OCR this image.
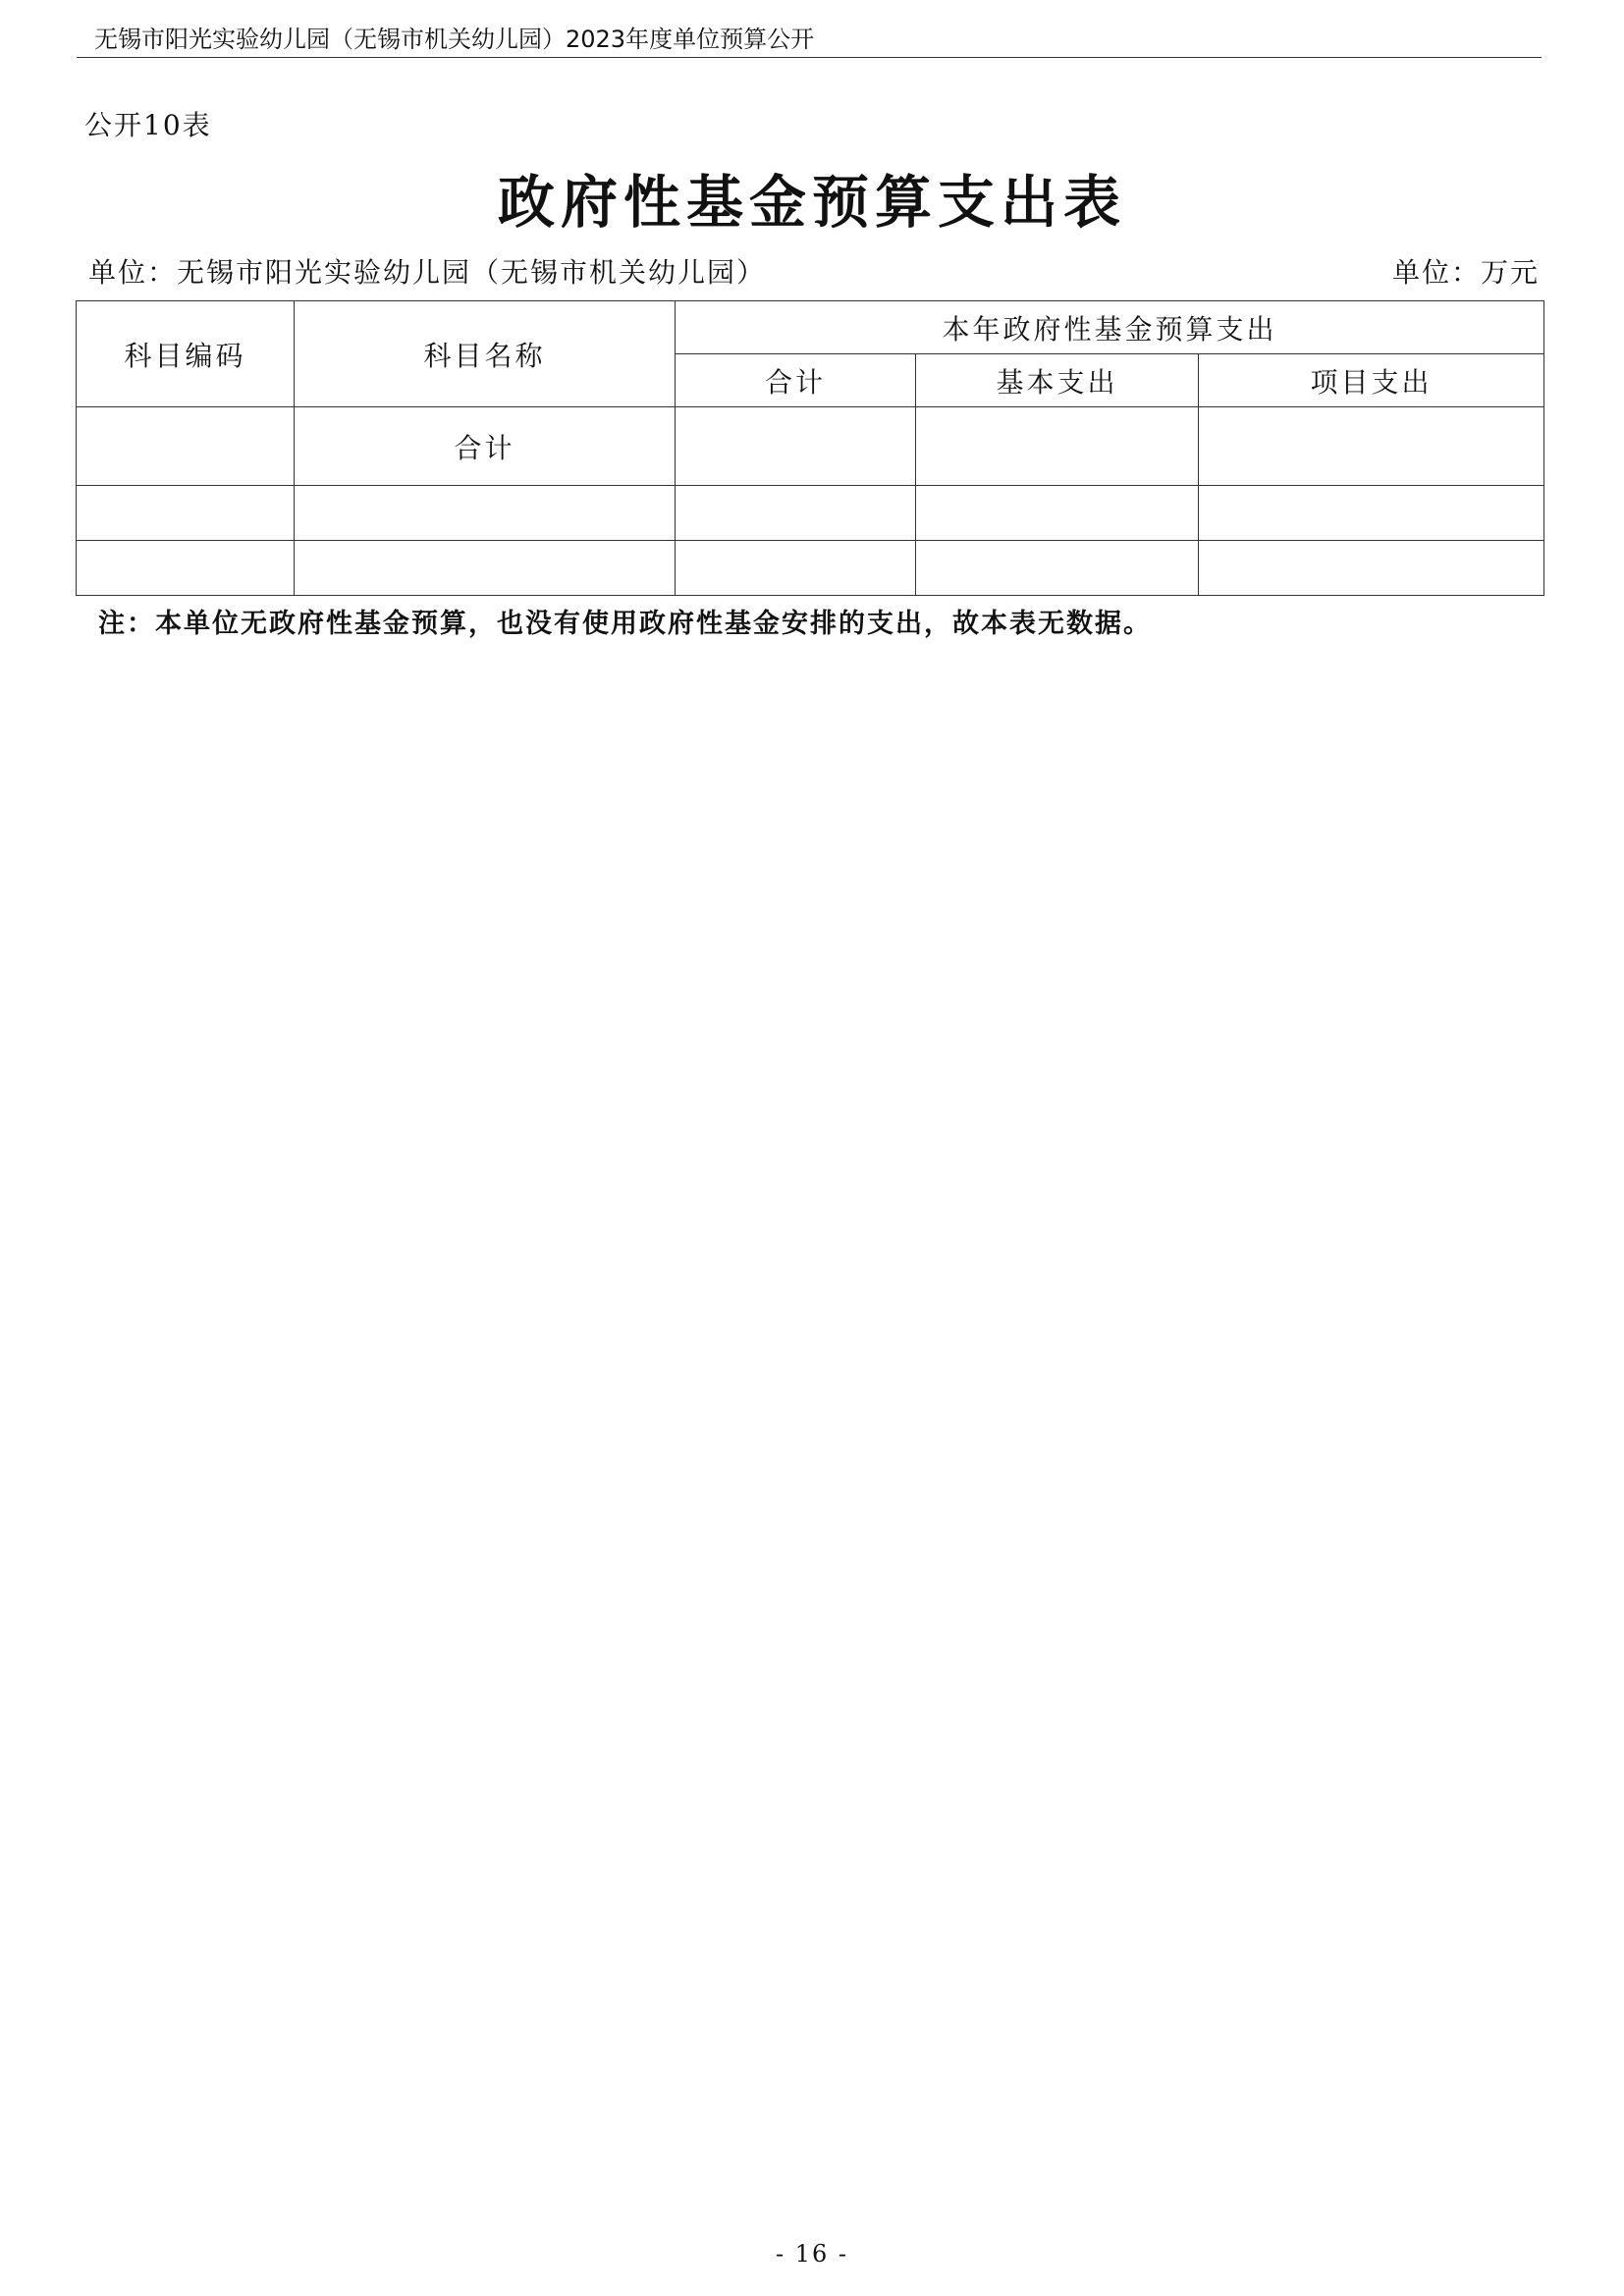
无锡市阳光实验幼儿园（无锡市机关幼儿园）2023年度单位预算公开
公开10表
政府性基金预算支出表
单位：无锡市阳光实验幼儿园（无锡市机关幼儿园）	单位：万元
科目编码	科目名称	本年政府性基金预算支出		
		合计	基本支出	项目支出
	合计			

注：本单位无政府性基金预算，也没有使用政府性基金安排的支出，故本表无数据。
- 16 -
